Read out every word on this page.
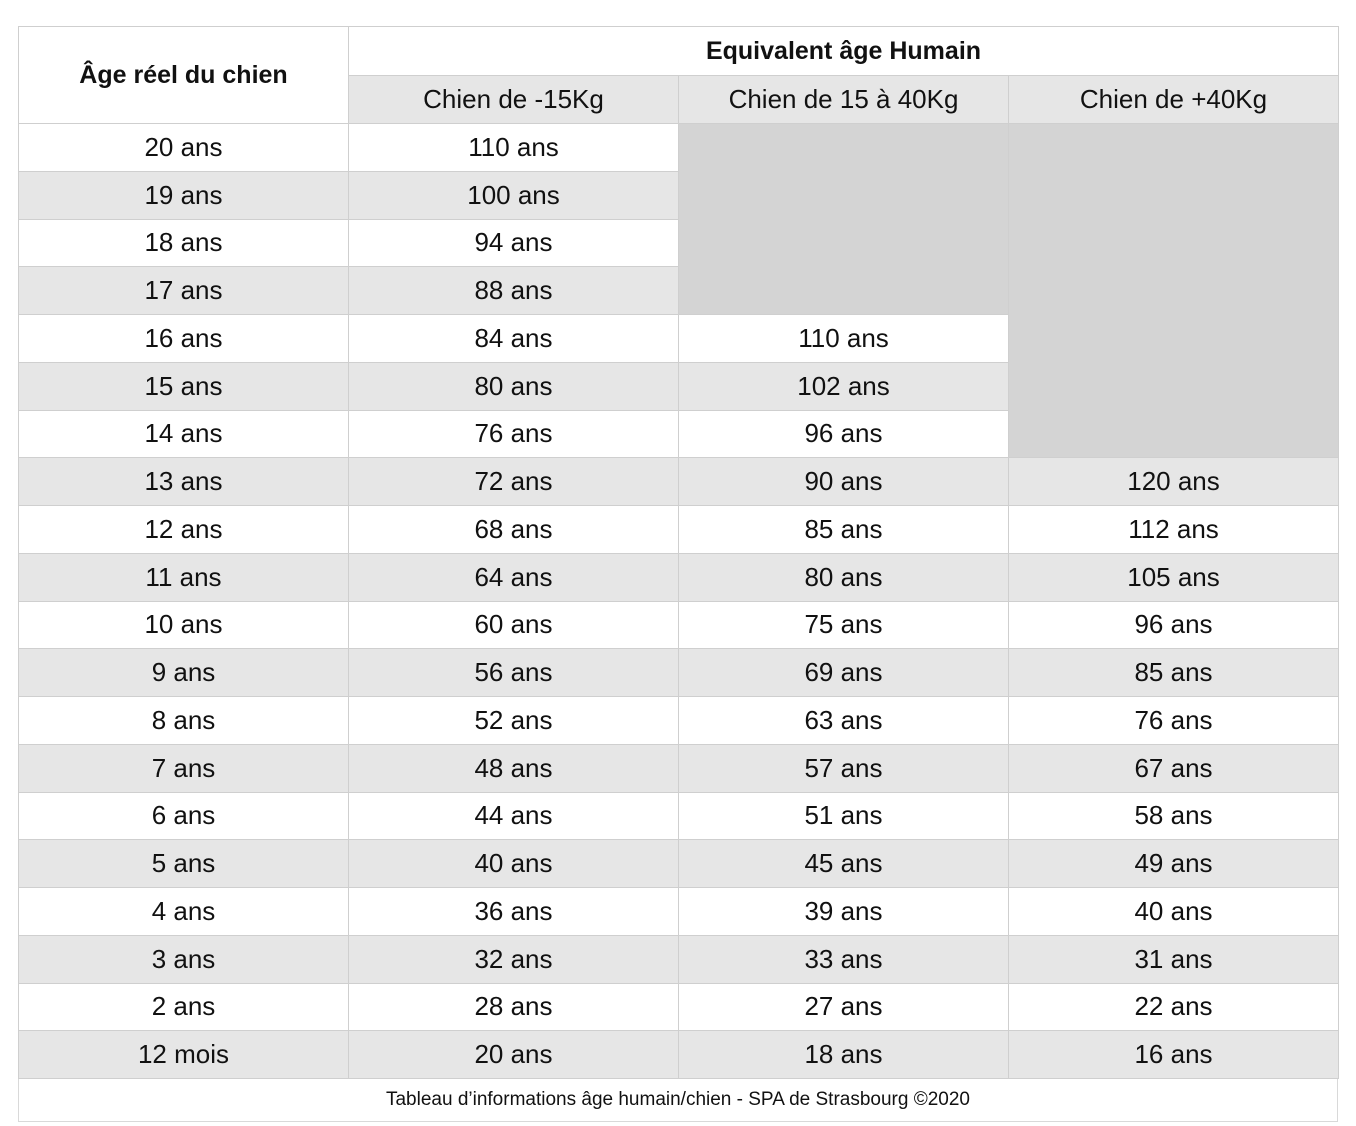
Âge réel du chien	Equivalent âge Humain		
	Chien de -15Kg	Chien de 15 à 40Kg	Chien de +40Kg
20 ans	110 ans		
19 ans	100 ans		
18 ans	94 ans		
17 ans	88 ans		
16 ans	84 ans	110 ans	
15 ans	80 ans	102 ans	
14 ans	76 ans	96 ans	
13 ans	72 ans	90 ans	120 ans
12 ans	68 ans	85 ans	112 ans
11 ans	64 ans	80 ans	105 ans
10 ans	60 ans	75 ans	96 ans
9 ans	56 ans	69 ans	85 ans
8 ans	52 ans	63 ans	76 ans
7 ans	48 ans	57 ans	67 ans
6 ans	44 ans	51 ans	58 ans
5 ans	40 ans	45 ans	49 ans
4 ans	36 ans	39 ans	40 ans
3 ans	32 ans	33 ans	31 ans
2 ans	28 ans	27 ans	22 ans
12 mois	20 ans	18 ans	16 ans
Tableau d’informations âge humain/chien - SPA de Strasbourg ©2020
